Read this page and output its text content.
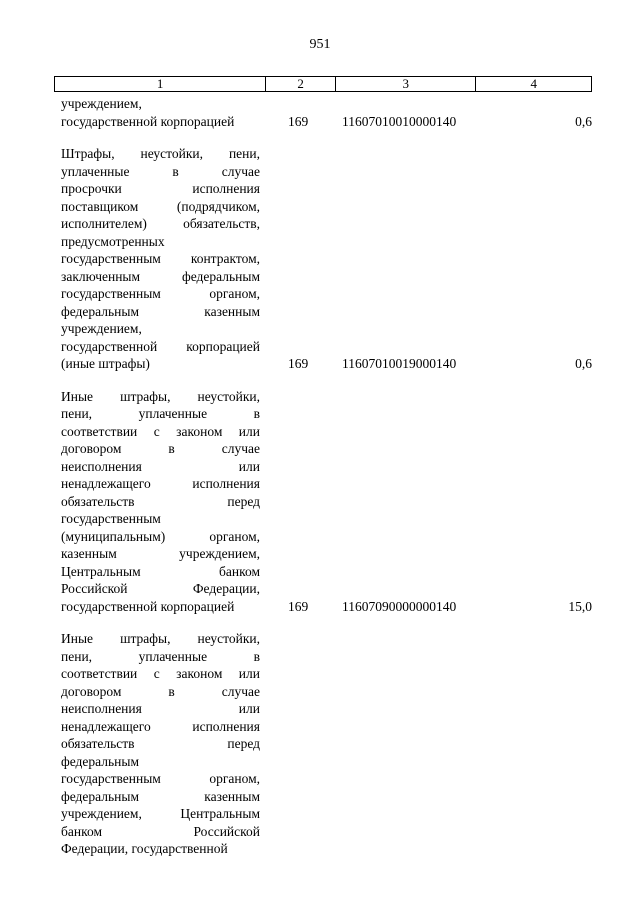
951
1	2	3	4
учреждением,
государственной корпорацией	169	11607010010000140	0,6
Штрафы, неустойки, пени,
уплаченные в случае
просрочки исполнения
поставщиком (подрядчиком,
исполнителем) обязательств,
предусмотренных
государственным контрактом,
заключенным федеральным
государственным органом,
федеральным казенным
учреждением,
государственной корпорацией
(иные штрафы)	169	11607010019000140	0,6
Иные штрафы, неустойки,
пени, уплаченные в
соответствии с законом или
договором в случае
неисполнения или
ненадлежащего исполнения
обязательств перед
государственным
(муниципальным) органом,
казенным учреждением,
Центральным банком
Российской Федерации,
государственной корпорацией	169	11607090000000140	15,0
Иные штрафы, неустойки,
пени, уплаченные в
соответствии с законом или
договором в случае
неисполнения или
ненадлежащего исполнения
обязательств перед
федеральным
государственным органом,
федеральным казенным
учреждением, Центральным
банком Российской
Федерации, государственной
